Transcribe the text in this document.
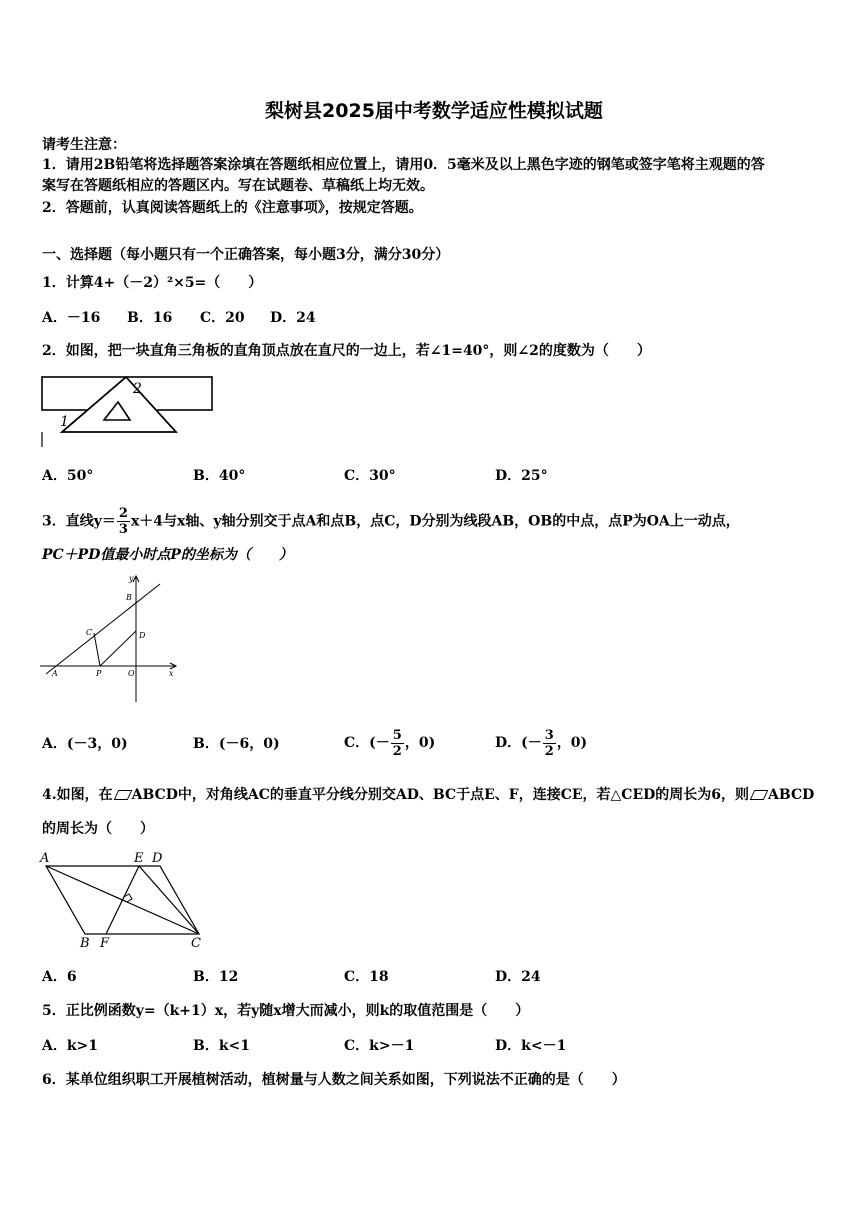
梨树县2025届中考数学适应性模拟试题
请考生注意：
1．请用2B铅笔将选择题答案涂填在答题纸相应位置上，请用0．5毫米及以上黑色字迹的钢笔或签字笔将主观题的答
案写在答题纸相应的答题区内。写在试题卷、草稿纸上均无效。
2．答题前，认真阅读答题纸上的《注意事项》，按规定答题。
一、选择题（每小题只有一个正确答案，每小题3分，满分30分）
1．计算4+（－2）²×5=（　　）
A．－16 B．16 C．20 D．24
2．如图，把一块直角三角板的直角顶点放在直尺的一边上，若∠1=40°，则∠2的度数为（　　）
2
1
A．50°	B．40°	C．30°	D．25°
3．直线$y= \frac{2}{3} x+4$与x轴、y轴分别交于点A和点B，点C，D分别为线段AB，OB的中点，点P为OA上一动点，
PC＋PD值最小时点P的坐标为（　　）
y
B
C	D
A	P	O	x
A．(－3，0)	B．(－6，0)	C．(－ $\frac{5}{2}$ ，0)	D．(－ $\frac{3}{2}$ ，0)
4.如图，在 ABCD中，对角线AC的垂直平分线分别交AD、BC于点E、F，连接CE，若△CED的周长为6，则 ABCD
的周长为（　　）
A	E D
B F	C
A．6	B．12	C．18	D．24
5．正比例函数y=（k+1）x，若y随x增大而减小，则k的取值范围是（　　）
A．k>1	B．k<1	C．k>－1	D．k<－1
6．某单位组织职工开展植树活动，植树量与人数之间关系如图，下列说法不正确的是（　　）
